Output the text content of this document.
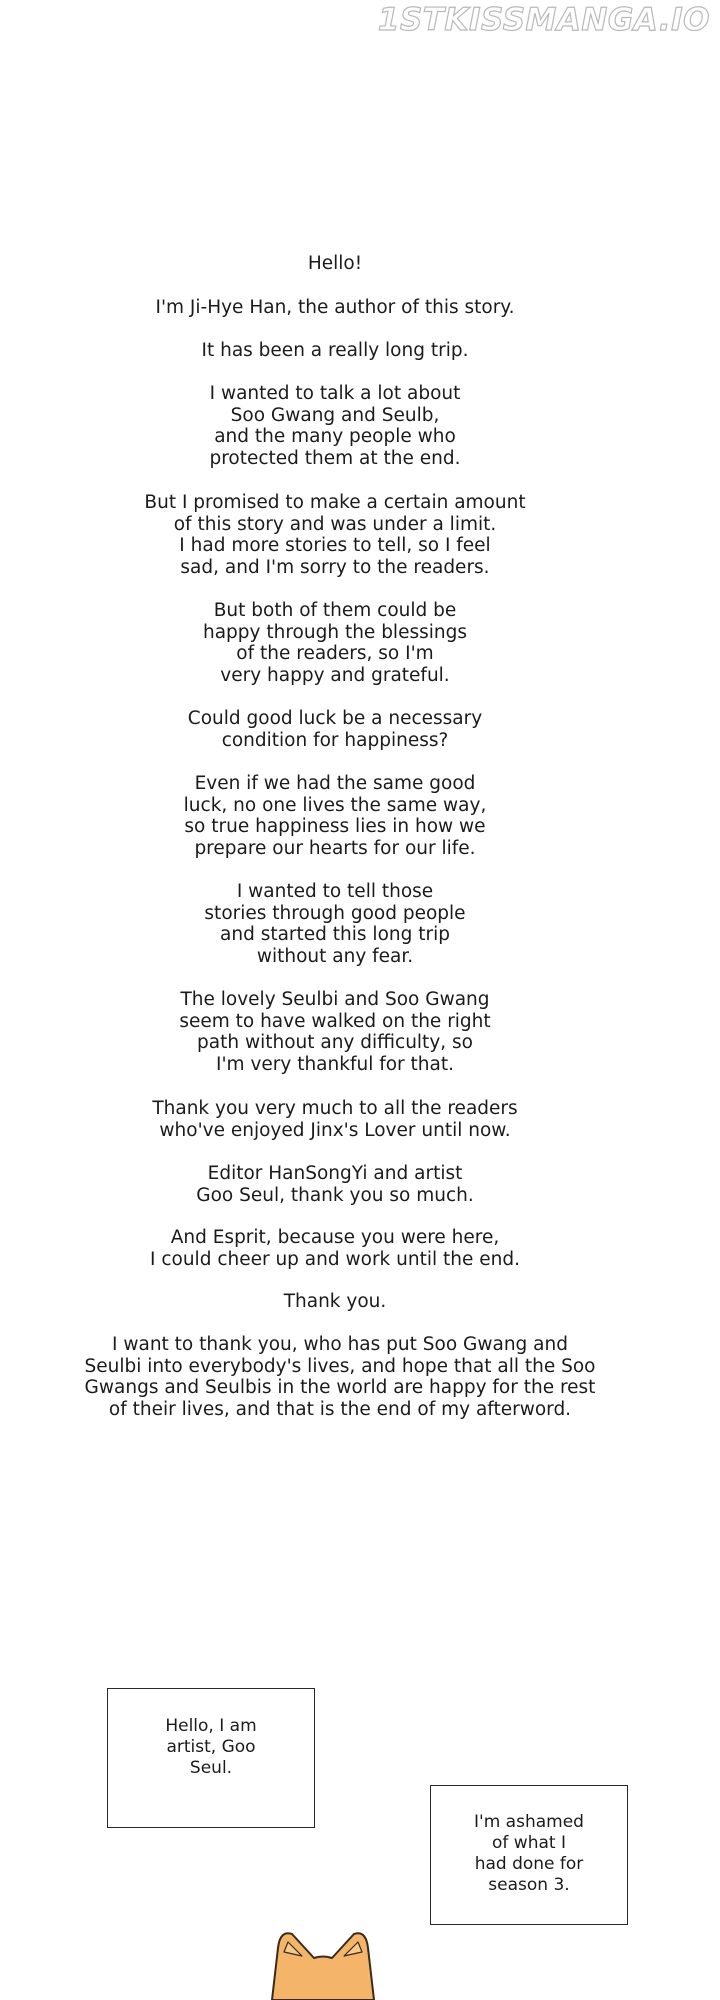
1STKISSMANGA.IO
Hello!
I'm Ji-Hye Han, the author of this story.
It has been a really long trip.
I wanted to talk a lot about
Soo Gwang and Seulb,
and the many people who
protected them at the end.
But I promised to make a certain amount
of this story and was under a limit.
I had more stories to tell, so I feel
sad, and I'm sorry to the readers.
But both of them could be
happy through the blessings
of the readers, so I'm
very happy and grateful.
Could good luck be a necessary
condition for happiness?
Even if we had the same good
luck, no one lives the same way,
so true happiness lies in how we
prepare our hearts for our life.
I wanted to tell those
stories through good people
and started this long trip
without any fear.
The lovely Seulbi and Soo Gwang
seem to have walked on the right
path without any difficulty, so
I'm very thankful for that.
Thank you very much to all the readers
who've enjoyed Jinx's Lover until now.
Editor HanSongYi and artist
Goo Seul, thank you so much.
And Esprit, because you were here,
I could cheer up and work until the end.
Thank you.
I want to thank you, who has put Soo Gwang and
Seulbi into everybody's lives, and hope that all the Soo
Gwangs and Seulbis in the world are happy for the rest
of their lives, and that is the end of my afterword.
Hello, I am
artist, Goo
Seul.
I'm ashamed
of what I
had done for
season 3.
